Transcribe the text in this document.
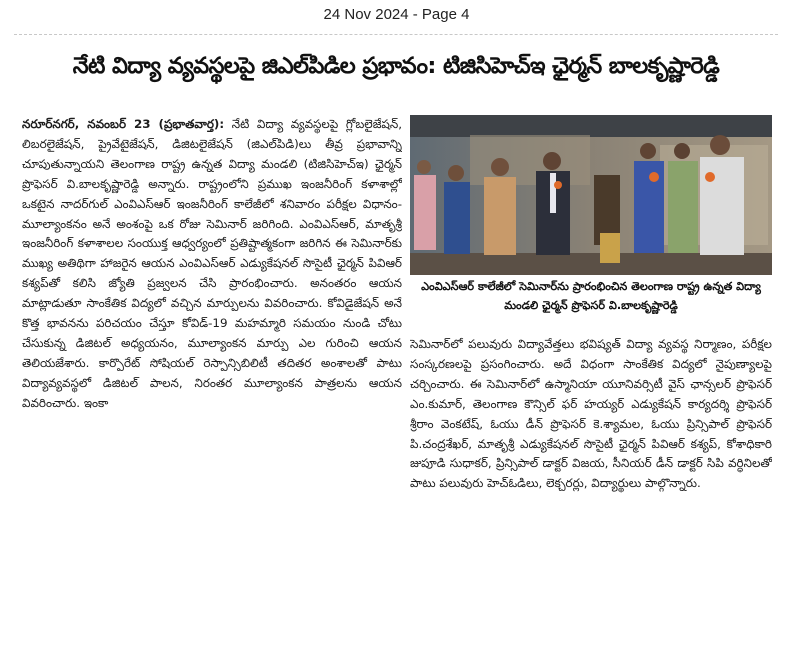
24 Nov 2024 - Page 4
నేటి విద్యా వ్యవస్థలపై జిఎల్‌పిడిల ప్రభావం: టిజిసిహెచ్‌ఇ ఛైర్మన్ బాలకృష్ణారెడ్డి

నరూర్‌నగర్, నవంబర్ 23 (ప్రభాతవార్త): నేటి విద్యా వ్యవస్థలపై గ్లోబలైజేషన్, లిబరలైజేషన్, ప్రైవేటైజేషన్, డిజిటలైజేషన్ (జిఎల్‌పిడి)లు తీవ్ర ప్రభావాన్ని చూపుతున్నాయని తెలంగాణ రాష్ట్ర ఉన్నత విద్యా మండలి (టిజిసిహెచ్‌ఇ) ఛైర్మన్ ప్రొఫెసర్ వి.బాలకృష్ణారెడ్డి అన్నారు. రాష్ట్రంలోని ప్రముఖ ఇంజనీరింగ్ కళాశాల్లో ఒకటైన నాదర్‌గుల్ ఎంవిఎస్‌ఆర్ ఇంజనీరింగ్ కాలేజీలో శనివారం పరీక్షల విధానం-మూల్యాంకనం అనే అంశంపై ఒక రోజు సెమినార్ జరిగింది. ఎంవిఎస్‌ఆర్, మాతృశ్రీ ఇంజనీరింగ్ కళాశాలల సంయుక్త ఆధ్వర్యంలో ప్రతిష్టాత్మకంగా జరిగిన ఈ సెమినార్‌కు ముఖ్య అతిథిగా హాజరైన ఆయన ఎంవిఎస్‌ఆర్ ఎడ్యుకేషనల్ సొసైటీ ఛైర్మన్ పివిఆర్ కశ్యప్‌తో కలిసి జ్యోతి ప్రజ్వలన చేసి ప్రారంభించారు. అనంతరం ఆయన మాట్లాడుతూ సాంకేతిక విద్యలో వచ్చిన మార్పులను వివరించారు. కోవిడైజేషన్ అనే కొత్త భావనను పరిచయం చేస్తూ కోవిడ్-19 మహమ్మారి సమయం నుండి చోటు చేసుకున్న డిజిటల్ అధ్యయనం, మూల్యాంకన మార్పు ఎల గురించి ఆయన తెలియజేశారు. కార్పొరేట్ సోషియల్ రెస్పాన్సిబిలిటీ తదితర అంశాలతో పాటు విద్యావ్యవస్థలో డిజిటల్ పాలన, నిరంతర మూల్యాంకన పాత్రలను ఆయన వివరించారు. ఇంకా

ఎంవిఎస్‌ఆర్ కాలేజీలో సెమినార్‌ను ప్రారంభించిన తెలంగాణ రాష్ట్ర ఉన్నత విద్యా మండలి ఛైర్మన్ ప్రొఫెసర్ వి.బాలకృష్ణారెడ్డి

సెమినార్‌లో పలువురు విద్యావేత్తలు భవిష్యత్ విద్యా వ్యవస్థ నిర్మాణం, పరీక్షల సంస్కరణలపై ప్రసంగించారు. అదే విధంగా సాంకేతిక విద్యలో నైపుణ్యాలపై చర్చించారు. ఈ సెమినార్‌లో ఉస్మానియా యూనివర్సిటీ వైస్ ఛాన్సలర్ ప్రొఫెసర్ ఎం.కుమార్, తెలంగాణ కౌన్సిల్ ఫర్ హయ్యర్ ఎడ్యుకేషన్ కార్యదర్శి ప్రొఫెసర్ శ్రీరాం వెంకటేష్, ఓయు డీన్ ప్రొఫెసర్ కె.శ్యామల, ఓయు ప్రిన్సిపాల్ ప్రొఫెసర్ పి.చంద్రశేఖర్, మాతృశ్రీ ఎడ్యుకేషనల్ సొసైటీ ఛైర్మన్ పివిఆర్ కశ్యప్, కోశాధికారి జుపూడి సుధాకర్, ప్రిన్సిపాల్ డాక్టర్ విజయ, సీనియర్ డీన్ డాక్టర్ సిపి వర్ధినిలతో పాటు పలువురు హెచ్‌ఓడిలు, లెక్చరర్లు, విద్యార్థులు పాల్గొన్నారు.
